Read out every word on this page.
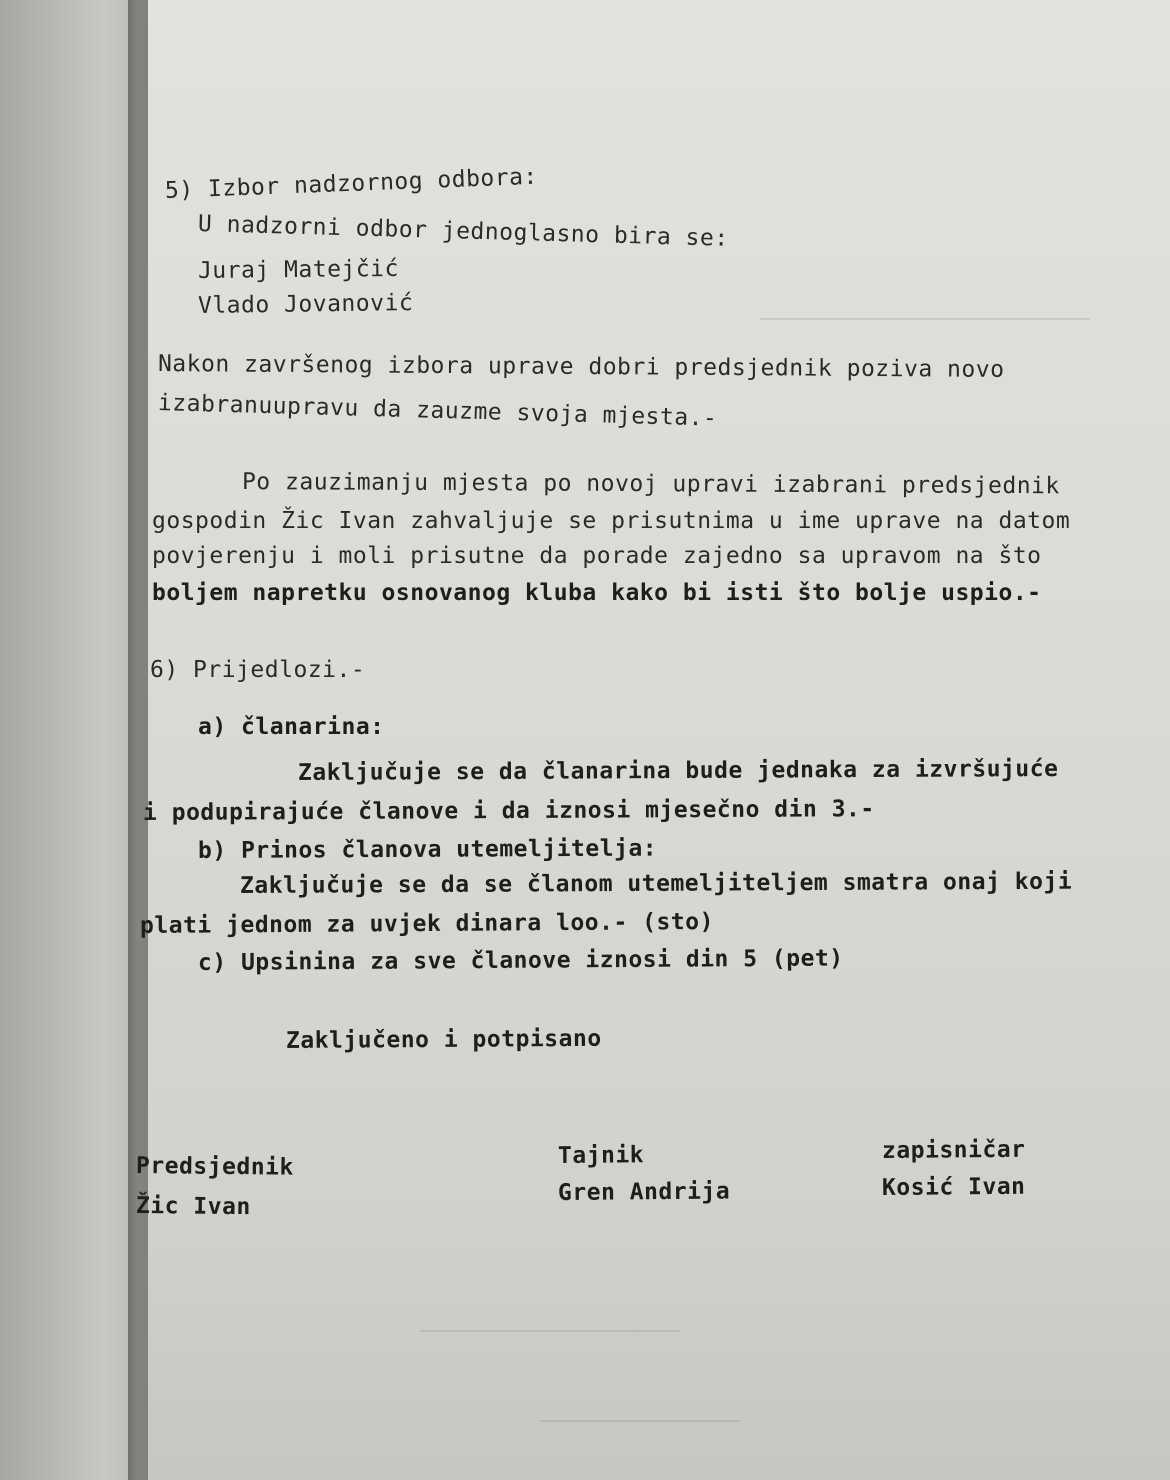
5) Izbor nadzornog odbora:
U nadzorni odbor jednoglasno bira se:
Juraj Matejčić
Vlado Jovanović
Nakon završenog izbora uprave dobri predsjednik poziva novo
izabranuupravu da zauzme svoja mjesta.-
Po zauzimanju mjesta po novoj upravi izabrani predsjednik
gospodin Žic Ivan zahvaljuje se prisutnima u ime uprave na datom
povjerenju i moli prisutne da porade zajedno sa upravom na što
boljem napretku osnovanog kluba kako bi isti što bolje uspio.-
6) Prijedlozi.-
a) članarina:
Zaključuje se da članarina bude jednaka za izvršujuće
i podupirajuće članove i da iznosi mjesečno din 3.-
b) Prinos članova utemeljitelja:
Zaključuje se da se članom utemeljiteljem smatra onaj koji
plati jednom za uvjek dinara loo.- (sto)
c) Upsinina za sve članove iznosi din 5 (pet)
Zaključeno i potpisano
Predsjednik
Žic Ivan
Tajnik
Gren Andrija
zapisničar
Kosić Ivan
